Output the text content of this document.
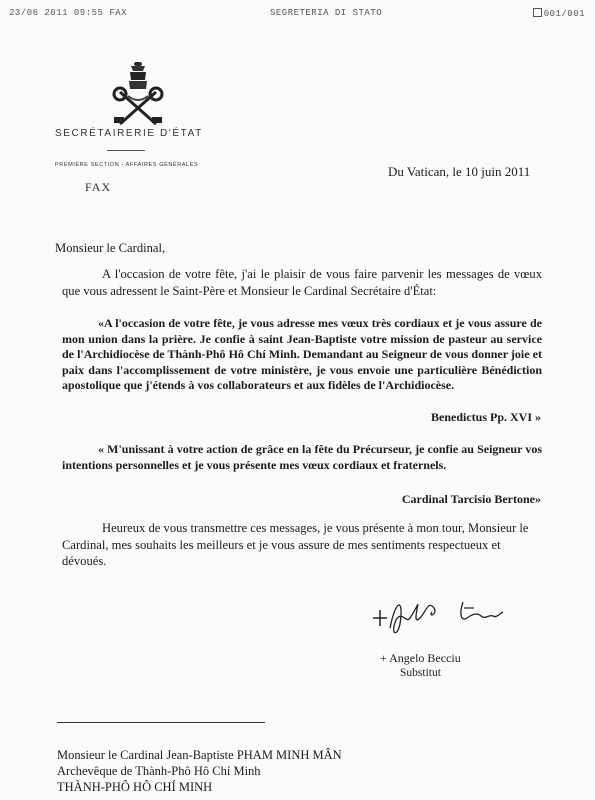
23/06 2011 09:55 FAX	SEGRETERIA DI STATO	001/001
SECRÉTAIRERIE D'ÉTAT
PREMIÈRE SECTION - AFFAIRES GÉNÉRALES
FAX
Du Vatican, le 10 juin 2011
Monsieur le Cardinal,
A l'occasion de votre fête, j'ai le plaisir de vous faire parvenir les messages de vœux que vous adressent le Saint-Père et Monsieur le Cardinal Secrétaire d'État:
«A l'occasion de votre fête, je vous adresse mes vœux très cordiaux et je vous assure de mon union dans la prière. Je confie à saint Jean-Baptiste votre mission de pasteur au service de l'Archidiocèse de Thành-Phô Hô Chí Minh. Demandant au Seigneur de vous donner joie et paix dans l'accomplissement de votre ministère, je vous envoie une particulière Bénédiction apostolique que j'étends à vos collaborateurs et aux fidèles de l'Archidiocèse.
Benedictus Pp. XVI »
« M'unissant à votre action de grâce en la fête du Précurseur, je confie au Seigneur vos intentions personnelles et je vous présente mes vœux cordiaux et fraternels.
Cardinal Tarcisio Bertone»
Heureux de vous transmettre ces messages, je vous présente à mon tour, Monsieur le Cardinal, mes souhaits les meilleurs et je vous assure de mes sentiments respectueux et dévoués.
+ Angelo Becciu
Substitut
Monsieur le Cardinal Jean-Baptiste PHAM MINH MÂN
Archevêque de Thành-Phô Hô Chí Minh
THÀNH-PHÔ HÔ CHÍ MINH
